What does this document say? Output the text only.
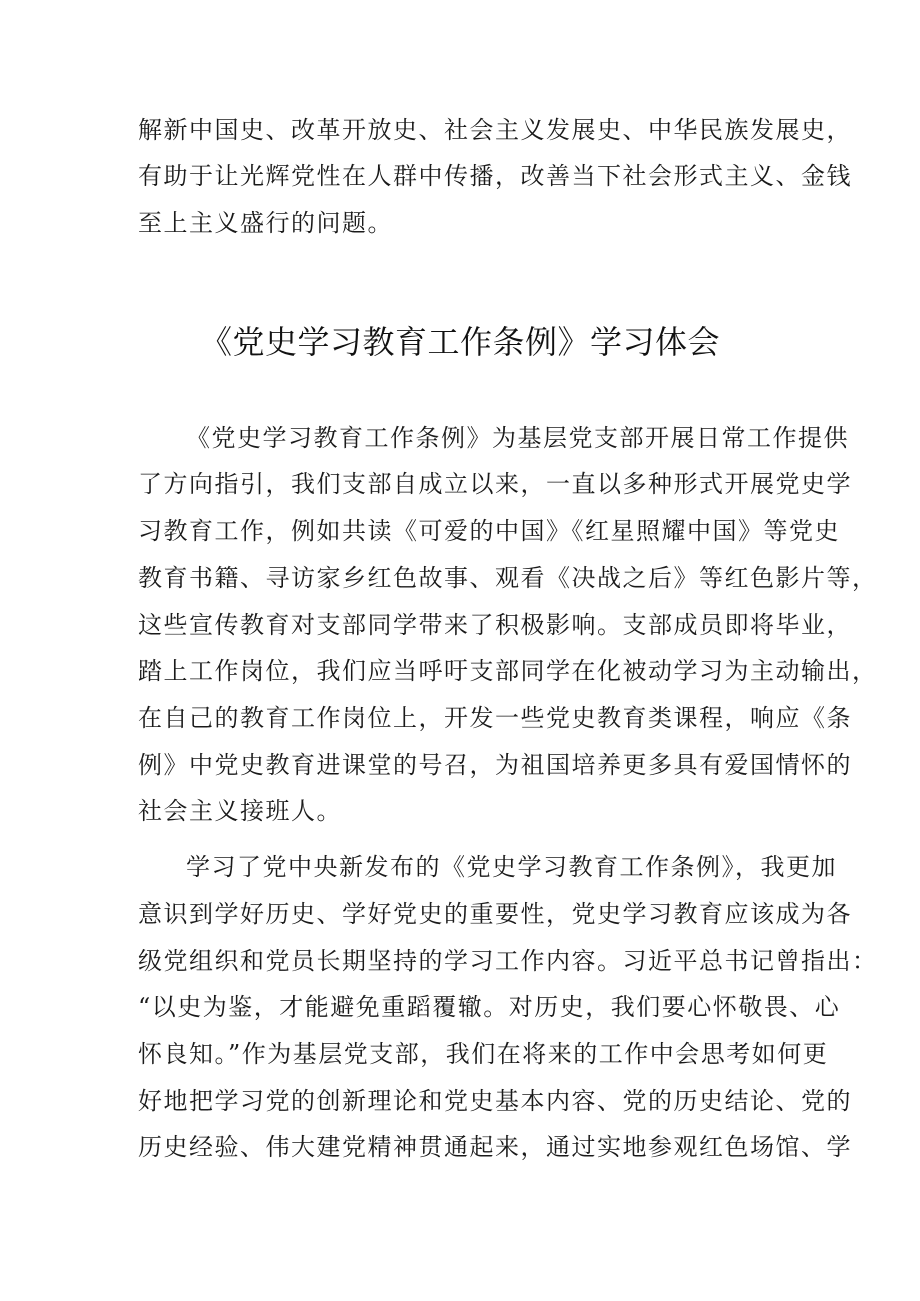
解新中国史、改革开放史、社会主义发展史、中华民族发展史，
有助于让光辉党性在人群中传播，改善当下社会形式主义、金钱
至上主义盛行的问题。
《党史学习教育工作条例》学习体会
《党史学习教育工作条例》为基层党支部开展日常工作提供
了方向指引，我们支部自成立以来，一直以多种形式开展党史学
习教育工作，例如共读《可爱的中国》《红星照耀中国》等党史
教育书籍、寻访家乡红色故事、观看《决战之后》等红色影片等，
这些宣传教育对支部同学带来了积极影响。支部成员即将毕业，
踏上工作岗位，我们应当呼吁支部同学在化被动学习为主动输出，
在自己的教育工作岗位上，开发一些党史教育类课程，响应《条
例》中党史教育进课堂的号召，为祖国培养更多具有爱国情怀的
社会主义接班人。
学习了党中央新发布的《党史学习教育工作条例》，我更加
意识到学好历史、学好党史的重要性，党史学习教育应该成为各
级党组织和党员长期坚持的学习工作内容。习近平总书记曾指出：
“以史为鉴，才能避免重蹈覆辙。对历史，我们要心怀敬畏、心
怀良知。”作为基层党支部，我们在将来的工作中会思考如何更
好地把学习党的创新理论和党史基本内容、党的历史结论、党的
历史经验、伟大建党精神贯通起来，通过实地参观红色场馆、学
